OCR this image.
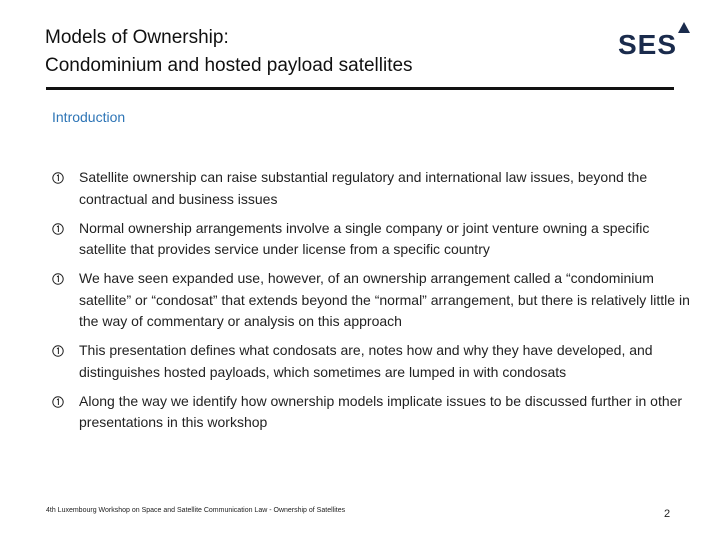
Models of Ownership:
Condominium and hosted payload satellites
SES
Introduction
Satellite ownership can raise substantial regulatory and international law issues, beyond the contractual and business issues
Normal ownership arrangements involve a single company or joint venture owning a specific satellite that provides service under license from a specific country
We have seen expanded use, however, of an ownership arrangement called a “condominium satellite” or “condosat” that extends beyond the “normal” arrangement, but there is relatively little in the way of commentary or analysis on this approach
This presentation defines what condosats are, notes how and why they have developed, and distinguishes hosted payloads, which sometimes are lumped in with condosats
Along the way we identify how ownership models implicate issues to be discussed further in other presentations in this workshop
4th Luxembourg Workshop on Space and Satellite Communication Law - Ownership of Satellites	2
